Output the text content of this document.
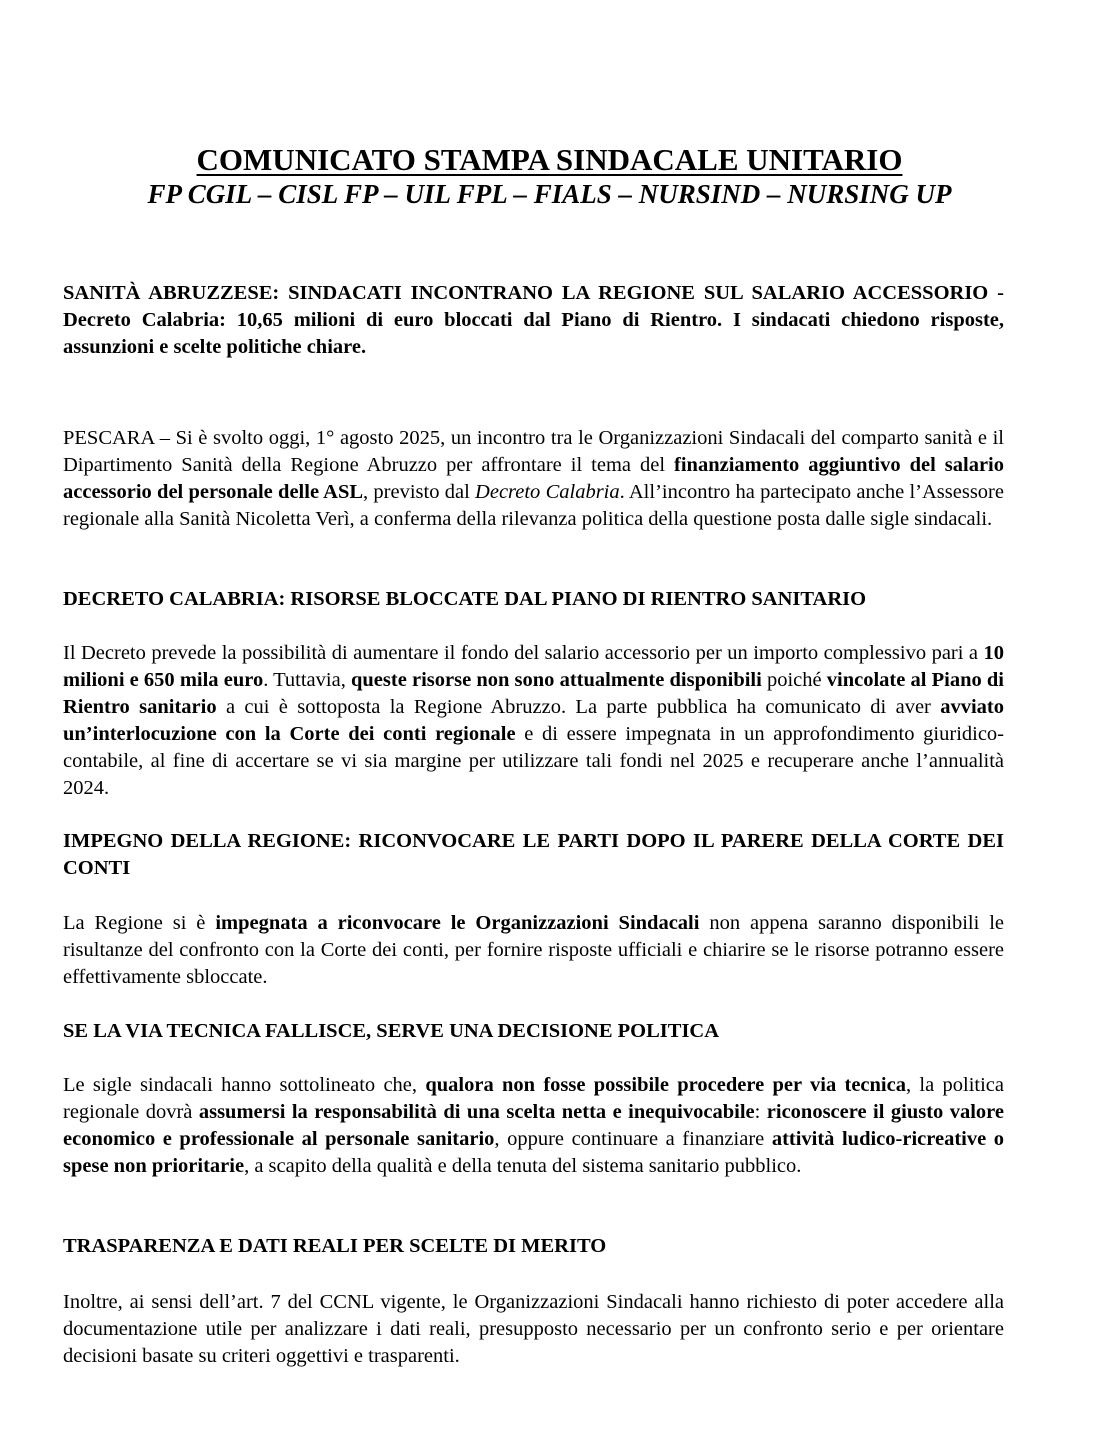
COMUNICATO STAMPA SINDACALE UNITARIO
FP CGIL – CISL FP – UIL FPL – FIALS – NURSIND – NURSING UP
SANITÀ ABRUZZESE: SINDACATI INCONTRANO LA REGIONE SUL SALARIO ACCESSORIO - Decreto Calabria: 10,65 milioni di euro bloccati dal Piano di Rientro. I sindacati chiedono risposte, assunzioni e scelte politiche chiare.
PESCARA – Si è svolto oggi, 1° agosto 2025, un incontro tra le Organizzazioni Sindacali del comparto sanità e il Dipartimento Sanità della Regione Abruzzo per affrontare il tema del finanziamento aggiuntivo del salario accessorio del personale delle ASL, previsto dal Decreto Calabria. All’incontro ha partecipato anche l’Assessore regionale alla Sanità Nicoletta Verì, a conferma della rilevanza politica della questione posta dalle sigle sindacali.
DECRETO CALABRIA: RISORSE BLOCCATE DAL PIANO DI RIENTRO SANITARIO
Il Decreto prevede la possibilità di aumentare il fondo del salario accessorio per un importo complessivo pari a 10 milioni e 650 mila euro. Tuttavia, queste risorse non sono attualmente disponibili poiché vincolate al Piano di Rientro sanitario a cui è sottoposta la Regione Abruzzo. La parte pubblica ha comunicato di aver avviato un’interlocuzione con la Corte dei conti regionale e di essere impegnata in un approfondimento giuridico-contabile, al fine di accertare se vi sia margine per utilizzare tali fondi nel 2025 e recuperare anche l’annualità 2024.
IMPEGNO DELLA REGIONE: RICONVOCARE LE PARTI DOPO IL PARERE DELLA CORTE DEI CONTI
La Regione si è impegnata a riconvocare le Organizzazioni Sindacali non appena saranno disponibili le risultanze del confronto con la Corte dei conti, per fornire risposte ufficiali e chiarire se le risorse potranno essere effettivamente sbloccate.
SE LA VIA TECNICA FALLISCE, SERVE UNA DECISIONE POLITICA
Le sigle sindacali hanno sottolineato che, qualora non fosse possibile procedere per via tecnica, la politica regionale dovrà assumersi la responsabilità di una scelta netta e inequivocabile: riconoscere il giusto valore economico e professionale al personale sanitario, oppure continuare a finanziare attività ludico-ricreative o spese non prioritarie, a scapito della qualità e della tenuta del sistema sanitario pubblico.
TRASPARENZA E DATI REALI PER SCELTE DI MERITO
Inoltre, ai sensi dell’art. 7 del CCNL vigente, le Organizzazioni Sindacali hanno richiesto di poter accedere alla documentazione utile per analizzare i dati reali, presupposto necessario per un confronto serio e per orientare decisioni basate su criteri oggettivi e trasparenti.
